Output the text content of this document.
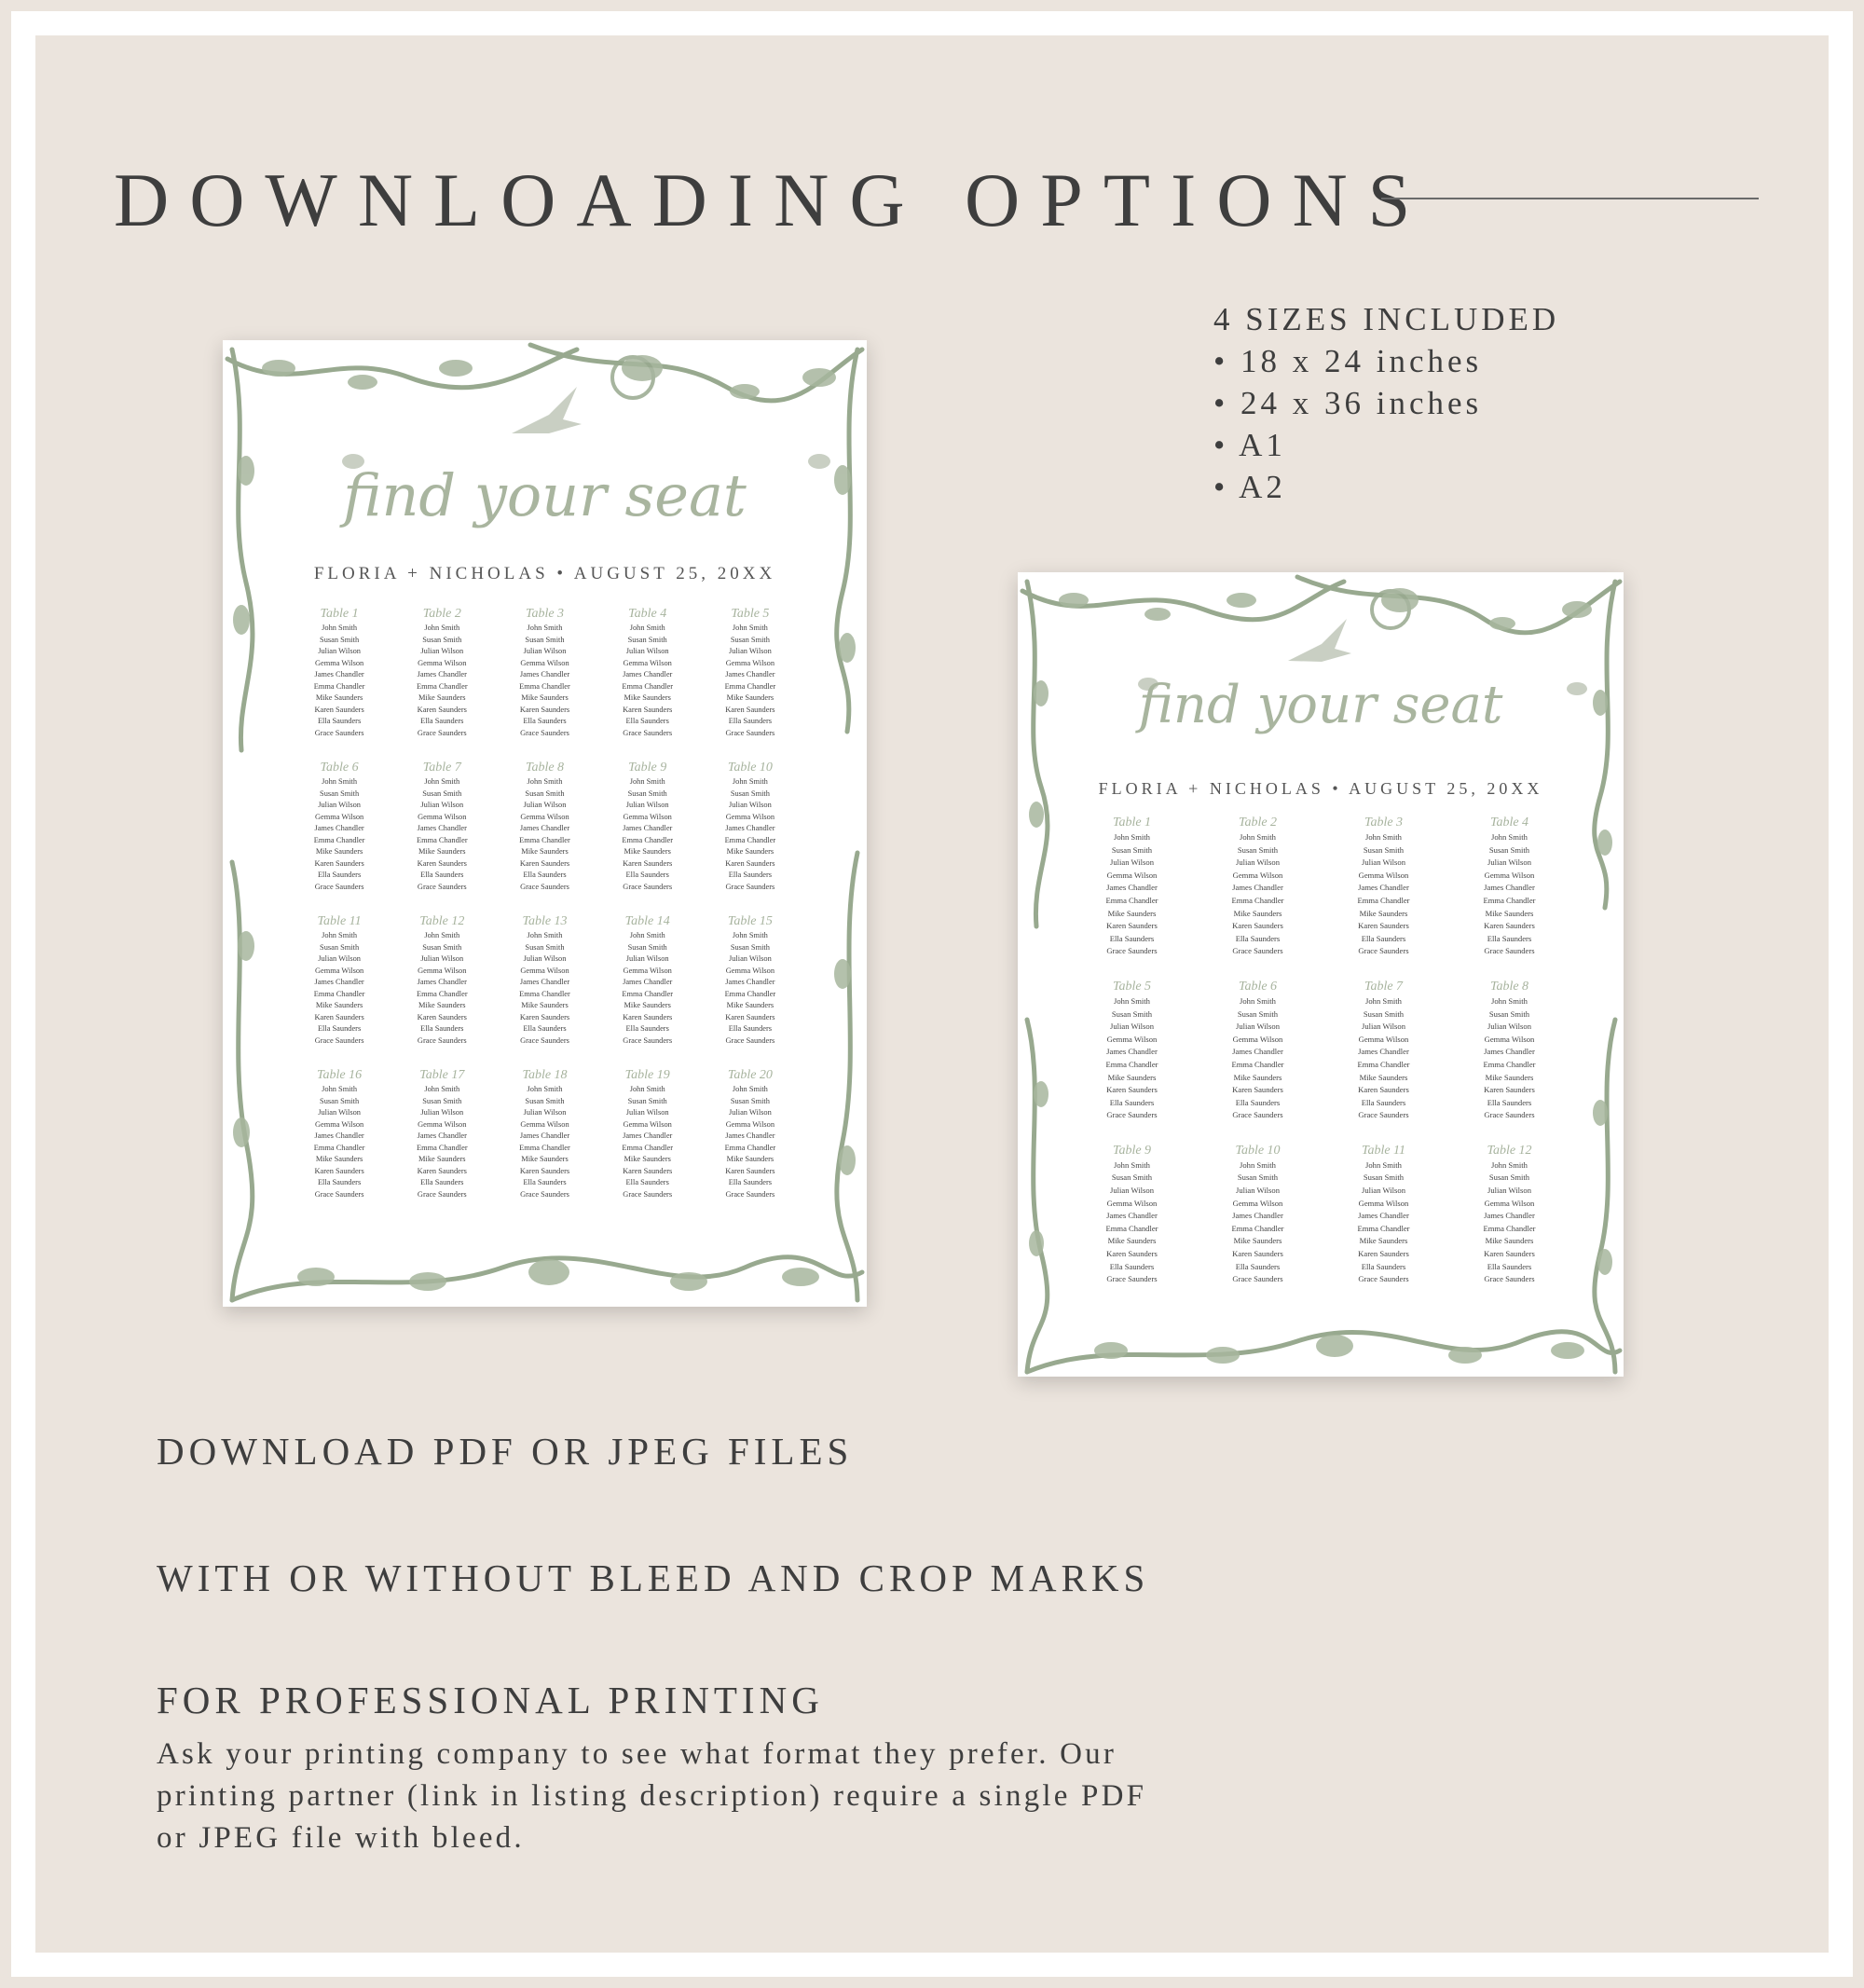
DOWNLOADING OPTIONS
4 SIZES INCLUDED
• 18 x 24 inches
• 24 x 36 inches
• A1
• A2
find your seat
FLORIA + NICHOLAS • AUGUST 25, 20XX
Table 1
John Smith
Susan Smith
Julian Wilson
Gemma Wilson
James Chandler
Emma Chandler
Mike Saunders
Karen Saunders
Ella Saunders
Grace Saunders
Table 2
John Smith
Susan Smith
Julian Wilson
Gemma Wilson
James Chandler
Emma Chandler
Mike Saunders
Karen Saunders
Ella Saunders
Grace Saunders
Table 3
John Smith
Susan Smith
Julian Wilson
Gemma Wilson
James Chandler
Emma Chandler
Mike Saunders
Karen Saunders
Ella Saunders
Grace Saunders
Table 4
John Smith
Susan Smith
Julian Wilson
Gemma Wilson
James Chandler
Emma Chandler
Mike Saunders
Karen Saunders
Ella Saunders
Grace Saunders
Table 5
John Smith
Susan Smith
Julian Wilson
Gemma Wilson
James Chandler
Emma Chandler
Mike Saunders
Karen Saunders
Ella Saunders
Grace Saunders
Table 6
John Smith
Susan Smith
Julian Wilson
Gemma Wilson
James Chandler
Emma Chandler
Mike Saunders
Karen Saunders
Ella Saunders
Grace Saunders
Table 7
John Smith
Susan Smith
Julian Wilson
Gemma Wilson
James Chandler
Emma Chandler
Mike Saunders
Karen Saunders
Ella Saunders
Grace Saunders
Table 8
John Smith
Susan Smith
Julian Wilson
Gemma Wilson
James Chandler
Emma Chandler
Mike Saunders
Karen Saunders
Ella Saunders
Grace Saunders
Table 9
John Smith
Susan Smith
Julian Wilson
Gemma Wilson
James Chandler
Emma Chandler
Mike Saunders
Karen Saunders
Ella Saunders
Grace Saunders
Table 10
John Smith
Susan Smith
Julian Wilson
Gemma Wilson
James Chandler
Emma Chandler
Mike Saunders
Karen Saunders
Ella Saunders
Grace Saunders
Table 11
John Smith
Susan Smith
Julian Wilson
Gemma Wilson
James Chandler
Emma Chandler
Mike Saunders
Karen Saunders
Ella Saunders
Grace Saunders
Table 12
John Smith
Susan Smith
Julian Wilson
Gemma Wilson
James Chandler
Emma Chandler
Mike Saunders
Karen Saunders
Ella Saunders
Grace Saunders
Table 13
John Smith
Susan Smith
Julian Wilson
Gemma Wilson
James Chandler
Emma Chandler
Mike Saunders
Karen Saunders
Ella Saunders
Grace Saunders
Table 14
John Smith
Susan Smith
Julian Wilson
Gemma Wilson
James Chandler
Emma Chandler
Mike Saunders
Karen Saunders
Ella Saunders
Grace Saunders
Table 15
John Smith
Susan Smith
Julian Wilson
Gemma Wilson
James Chandler
Emma Chandler
Mike Saunders
Karen Saunders
Ella Saunders
Grace Saunders
Table 16
John Smith
Susan Smith
Julian Wilson
Gemma Wilson
James Chandler
Emma Chandler
Mike Saunders
Karen Saunders
Ella Saunders
Grace Saunders
Table 17
John Smith
Susan Smith
Julian Wilson
Gemma Wilson
James Chandler
Emma Chandler
Mike Saunders
Karen Saunders
Ella Saunders
Grace Saunders
Table 18
John Smith
Susan Smith
Julian Wilson
Gemma Wilson
James Chandler
Emma Chandler
Mike Saunders
Karen Saunders
Ella Saunders
Grace Saunders
Table 19
John Smith
Susan Smith
Julian Wilson
Gemma Wilson
James Chandler
Emma Chandler
Mike Saunders
Karen Saunders
Ella Saunders
Grace Saunders
Table 20
John Smith
Susan Smith
Julian Wilson
Gemma Wilson
James Chandler
Emma Chandler
Mike Saunders
Karen Saunders
Ella Saunders
Grace Saunders
find your seat
FLORIA + NICHOLAS • AUGUST 25, 20XX
Table 1
John Smith
Susan Smith
Julian Wilson
Gemma Wilson
James Chandler
Emma Chandler
Mike Saunders
Karen Saunders
Ella Saunders
Grace Saunders
Table 2
John Smith
Susan Smith
Julian Wilson
Gemma Wilson
James Chandler
Emma Chandler
Mike Saunders
Karen Saunders
Ella Saunders
Grace Saunders
Table 3
John Smith
Susan Smith
Julian Wilson
Gemma Wilson
James Chandler
Emma Chandler
Mike Saunders
Karen Saunders
Ella Saunders
Grace Saunders
Table 4
John Smith
Susan Smith
Julian Wilson
Gemma Wilson
James Chandler
Emma Chandler
Mike Saunders
Karen Saunders
Ella Saunders
Grace Saunders
Table 5
John Smith
Susan Smith
Julian Wilson
Gemma Wilson
James Chandler
Emma Chandler
Mike Saunders
Karen Saunders
Ella Saunders
Grace Saunders
Table 6
John Smith
Susan Smith
Julian Wilson
Gemma Wilson
James Chandler
Emma Chandler
Mike Saunders
Karen Saunders
Ella Saunders
Grace Saunders
Table 7
John Smith
Susan Smith
Julian Wilson
Gemma Wilson
James Chandler
Emma Chandler
Mike Saunders
Karen Saunders
Ella Saunders
Grace Saunders
Table 8
John Smith
Susan Smith
Julian Wilson
Gemma Wilson
James Chandler
Emma Chandler
Mike Saunders
Karen Saunders
Ella Saunders
Grace Saunders
Table 9
John Smith
Susan Smith
Julian Wilson
Gemma Wilson
James Chandler
Emma Chandler
Mike Saunders
Karen Saunders
Ella Saunders
Grace Saunders
Table 10
John Smith
Susan Smith
Julian Wilson
Gemma Wilson
James Chandler
Emma Chandler
Mike Saunders
Karen Saunders
Ella Saunders
Grace Saunders
Table 11
John Smith
Susan Smith
Julian Wilson
Gemma Wilson
James Chandler
Emma Chandler
Mike Saunders
Karen Saunders
Ella Saunders
Grace Saunders
Table 12
John Smith
Susan Smith
Julian Wilson
Gemma Wilson
James Chandler
Emma Chandler
Mike Saunders
Karen Saunders
Ella Saunders
Grace Saunders
DOWNLOAD PDF OR JPEG FILES
WITH OR WITHOUT BLEED AND CROP MARKS
FOR PROFESSIONAL PRINTING

Ask your printing company to see what format they prefer. Our printing partner (link in listing description) require a single PDF or JPEG file with bleed.
